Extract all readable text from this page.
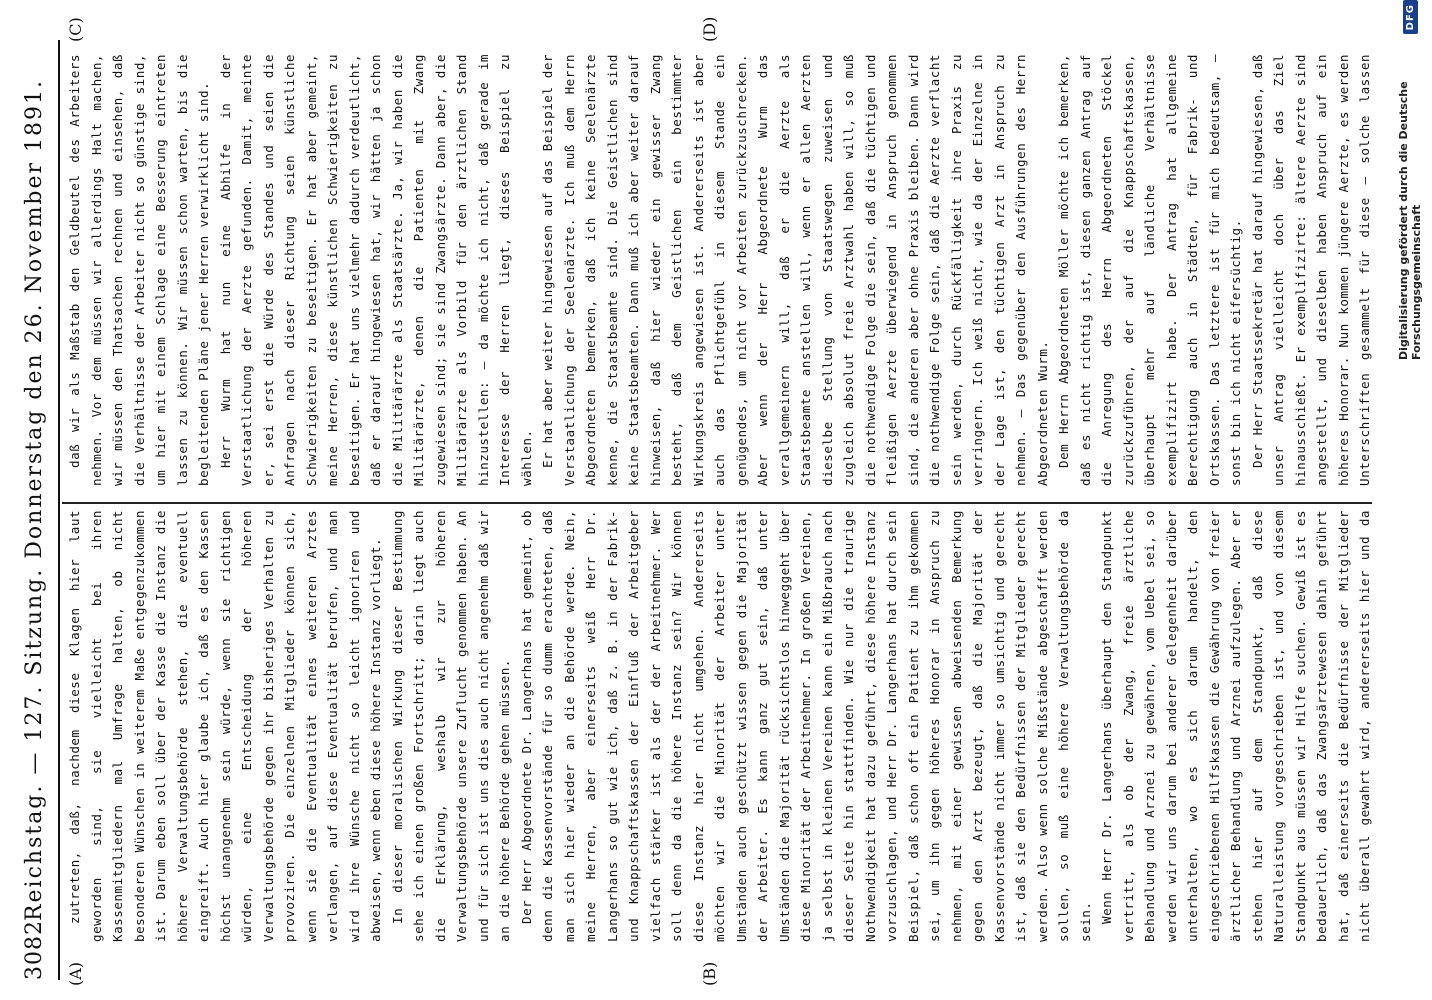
3082
Reichstag. — 127. Sitzung. Donnerstag den 26. November 1891.
(A)	(B)
(C)	(D)

zutreten, daß, nachdem diese Klagen hier laut geworden sind, sie vielleicht bei ihren Kassenmitgliedern mal Umfrage halten, ob nicht besonderen Wünschen in weiterem Maße entgegenzukommen ist. Darum eben soll über der Kasse die Instanz die höhere Verwaltungsbehörde stehen, die eventuell eingreift. Auch hier glaube ich, daß es den Kassen höchst unangenehm sein würde, wenn sie richtigen würden, eine Entscheidung der höheren Verwaltungsbehörde gegen ihr bisheriges Verhalten zu provoziren. Die einzelnen Mitglieder können sich, wenn sie die Eventualität eines weiteren Arztes verlangen, auf diese Eventualität berufen, und man wird ihre Wünsche nicht so leicht ignoriren und abweisen, wenn eben diese höhere Instanz vorliegt. In dieser moralischen Wirkung dieser Bestimmung sehe ich einen großen Fortschritt; darin liegt auch die Erklärung, weshalb wir zur höheren Verwaltungsbehörde unsere Zuflucht genommen haben. An und für sich ist uns dies auch nicht angenehm daß wir an die höhere Behörde gehen müssen. Der Herr Abgeordnete Dr. Langerhans hat gemeint, ob denn die Kassenvorstände für so dumm erachteten, daß man sich hier wieder an die Behörde werde. Nein, meine Herren, aber einerseits weiß Herr Dr. Langerhans so gut wie ich, daß z. B. in der Fabrik- und Knappschaftskassen der Einfluß der Arbeitgeber vielfach stärker ist als der der Arbeitnehmer. Wer soll denn da die höhere Instanz sein? Wir können diese Instanz hier nicht umgehen. Andererseits möchten wir die Minorität der Arbeiter unter Umständen auch geschützt wissen gegen die Majorität der Arbeiter. Es kann ganz gut sein, daß unter Umständen die Majorität rücksichtslos hinweggeht über diese Minorität der Arbeitnehmer. In großen Vereinen, ja selbst in kleinen Vereinen kann ein Mißbrauch nach dieser Seite hin stattfinden. Wie nur die traurige Nothwendigkeit hat dazu geführt, diese höhere Instanz vorzuschlagen, und Herr Dr. Langerhans hat durch sein Beispiel, daß schon oft ein Patient zu ihm gekommen sei, um ihn gegen höheres Honorar in Anspruch zu nehmen, mit einer gewissen abweisenden Bemerkung gegen den Arzt bezeugt, daß die Majorität der Kassenvorstände nicht immer so umsichtig und gerecht ist, daß sie den Bedürfnissen der Mitglieder gerecht werden. Also wenn solche Mißstände abgeschafft werden sollen, so muß eine höhere Verwaltungsbehörde da sein. Wenn Herr Dr. Langerhans überhaupt den Standpunkt vertritt, als ob der Zwang, freie ärztliche Behandlung und Arznei zu gewähren, vom Uebel sei, so werden wir uns darum bei anderer Gelegenheit darüber unterhalten, wo es sich darum handelt, den eingeschriebenen Hilfskassen die Gewährung von freier ärztlicher Behandlung und Arznei aufzulegen. Aber er stehen hier auf dem Standpunkt, daß diese Naturalleistung vorgeschrieben ist, und von diesem Standpunkt aus müssen wir Hilfe suchen. Gewiß ist es bedauerlich, daß das Zwangsärztewesen dahin geführt hat, daß einerseits die Bedürfnisse der Mitglieder nicht überall gewahrt wird, andererseits hier und da

daß wir als Maßstab den Geldbeutel des Arbeiters nehmen. Vor dem müssen wir allerdings Halt machen, wir müssen den Thatsachen rechnen und einsehen, daß die Verhältnisse der Arbeiter nicht so günstige sind, um hier mit einem Schlage eine Besserung eintreten lassen zu können. Wir müssen schon warten, bis die begleitenden Pläne jener Herren verwirklicht sind. Herr Wurm hat nun eine Abhilfe in der Verstaatlichung der Aerzte gefunden. Damit, meinte er, sei erst die Würde des Standes und seien die Anfragen nach dieser Richtung seien künstliche Schwierigkeiten zu beseitigen. Er hat aber gemeint, meine Herren, diese künstlichen Schwierigkeiten zu beseitigen. Er hat uns vielmehr dadurch verdeutlicht, daß er darauf hingewiesen hat, wir hätten ja schon die Militärärzte als Staatsärzte. Ja, wir haben die Militärärzte, denen die Patienten mit Zwang zugewiesen sind; sie sind Zwangsärzte. Dann aber, die Militärärzte als Vorbild für den ärztlichen Stand hinzustellen: — da möchte ich nicht, daß gerade im Interesse der Herren liegt, dieses Beispiel zu wählen. Er hat aber weiter hingewiesen auf das Beispiel der Verstaatlichung der Seelenärzte. Ich muß dem Herrn Abgeordneten bemerken, daß ich keine Seelenärzte kenne, die Staatsbeamte sind. Die Geistlichen sind keine Staatsbeamten. Dann muß ich aber weiter darauf hinweisen, daß hier wieder ein gewisser Zwang besteht, daß dem Geistlichen ein bestimmter Wirkungskreis angewiesen ist. Andererseits ist aber auch das Pflichtgefühl in diesem Stande ein genügendes, um nicht vor Arbeiten zurückzuschrecken. Aber wenn der Herr Abgeordnete Wurm das verallgemeinern will, daß er die Aerzte als Staatsbeamte anstellen will, wenn er allen Aerzten dieselbe Stellung von Staatswegen zuweisen und zugleich absolut freie Arztwahl haben will, so muß die nothwendige Folge die sein, daß die tüchtigen und fleißigen Aerzte überwiegend in Anspruch genommen sind, die anderen aber ohne Praxis bleiben. Dann wird die nothwendige Folge sein, daß die Aerzte verflacht sein werden, durch Rückfälligkeit ihre Praxis zu verringern. Ich weiß nicht, wie da der Einzelne in der Lage ist, den tüchtigen Arzt in Anspruch zu nehmen. — Das gegenüber den Ausführungen des Herrn Abgeordneten Wurm. Dem Herrn Abgeordneten Möller möchte ich bemerken, daß es nicht richtig ist, diesen ganzen Antrag auf die Anregung des Herrn Abgeordneten Stöckel zurückzuführen, der auf die Knappschaftskassen, überhaupt mehr auf ländliche Verhältnisse exemplifizirt habe. Der Antrag hat allgemeine Berechtigung auch in Städten, für Fabrik- und Ortskassen. Das letztere ist für mich bedeutsam, — sonst bin ich nicht eifersüchtig. Der Herr Staatssekretär hat darauf hingewiesen, daß unser Antrag vielleicht doch über das Ziel hinausschießt. Er exemplifizirte: ältere Aerzte sind angestellt, und dieselben haben Anspruch auf ein höheres Honorar. Nun kommen jüngere Aerzte, es werden Unterschriften gesammelt für diese — solche lassen

Digitalisierung gefördert durch die Deutsche Forschungsgemeinschaft
DFG
